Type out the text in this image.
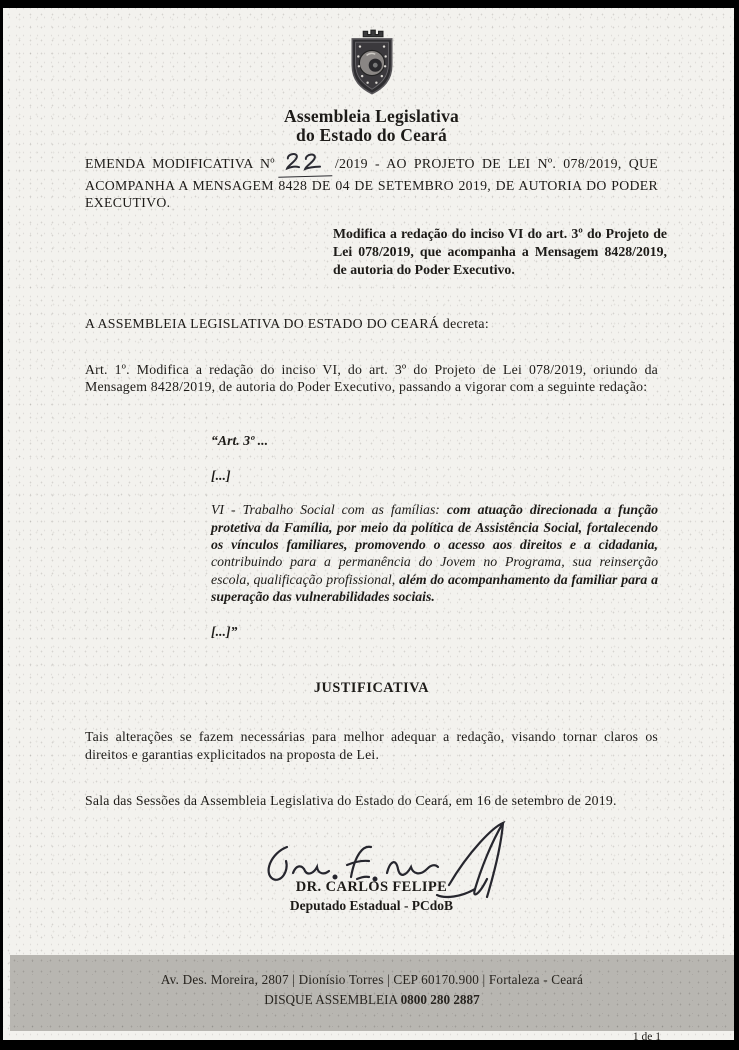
Assembleia Legislativa
do Estado do Ceará

EMENDA MODIFICATIVA Nº	/2019 - AO PROJETO DE LEI Nº. 078/2019, QUE ACOMPANHA A MENSAGEM 8428 DE 04 DE SETEMBRO 2019, DE AUTORIA DO PODER EXECUTIVO.

Modifica a redação do inciso VI do art. 3º do Projeto de Lei 078/2019, que acompanha a Mensagem 8428/2019, de autoria do Poder Executivo.

A ASSEMBLEIA LEGISLATIVA DO ESTADO DO CEARÁ decreta:

Art. 1º. Modifica a redação do inciso VI, do art. 3º do Projeto de Lei 078/2019, oriundo da Mensagem 8428/2019, de autoria do Poder Executivo, passando a vigorar com a seguinte redação:

“Art. 3º ...

[...]

VI - Trabalho Social com as famílias: com atuação direcionada a função protetiva da Família, por meio da política de Assistência Social, fortalecendo os vínculos familiares, promovendo o acesso aos direitos e a cidadania, contribuindo para a permanência do Jovem no Programa, sua reinserção escola, qualificação profissional, além do acompanhamento da familiar para a superação das vulnerabilidades sociais.

[...]”

JUSTIFICATIVA

Tais alterações se fazem necessárias para melhor adequar a redação, visando tornar claros os direitos e garantias explicitados na proposta de Lei.

Sala das Sessões da Assembleia Legislativa do Estado do Ceará, em 16 de setembro de 2019.

DR. CARLOS FELIPE
Deputado Estadual - PCdoB
Av. Des. Moreira, 2807 | Dionísio Torres | CEP 60170.900 | Fortaleza - Ceará
DISQUE ASSEMBLEIA 0800 280 2887
1 de 1
